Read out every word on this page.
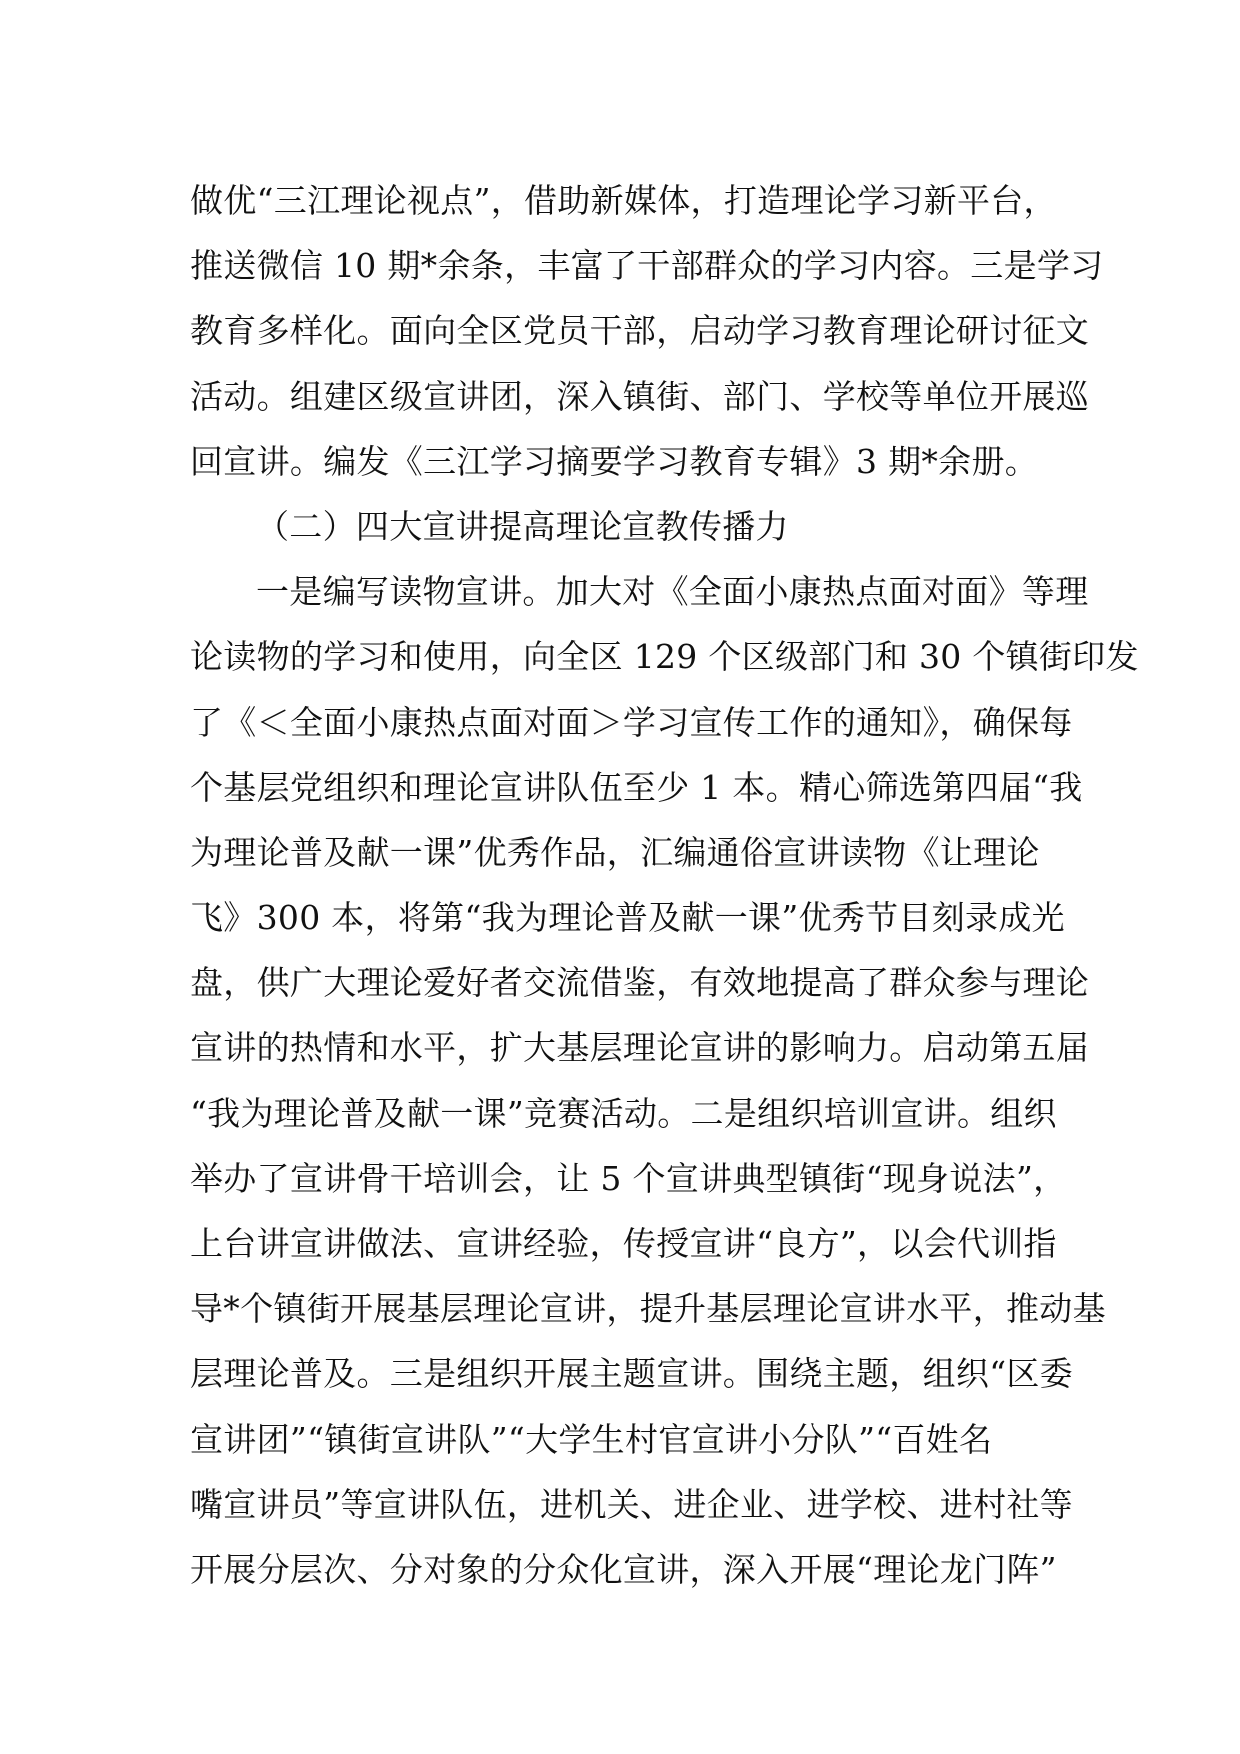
做优“三江理论视点”，借助新媒体，打造理论学习新平台，
推送微信 10 期*余条，丰富了干部群众的学习内容。三是学习
教育多样化。面向全区党员干部，启动学习教育理论研讨征文
活动。组建区级宣讲团，深入镇街、部门、学校等单位开展巡
回宣讲。编发《三江学习摘要学习教育专辑》3 期*余册。
（二）四大宣讲提高理论宣教传播力
一是编写读物宣讲。加大对《全面小康热点面对面》等理
论读物的学习和使用，向全区 129 个区级部门和 30 个镇街印发
了《＜全面小康热点面对面＞学习宣传工作的通知》，确保每
个基层党组织和理论宣讲队伍至少 1 本。精心筛选第四届“我
为理论普及献一课”优秀作品，汇编通俗宣讲读物《让理论
飞》300 本，将第“我为理论普及献一课”优秀节目刻录成光
盘，供广大理论爱好者交流借鉴，有效地提高了群众参与理论
宣讲的热情和水平，扩大基层理论宣讲的影响力。启动第五届
“我为理论普及献一课”竞赛活动。二是组织培训宣讲。组织
举办了宣讲骨干培训会，让 5 个宣讲典型镇街“现身说法”，
上台讲宣讲做法、宣讲经验，传授宣讲“良方”，以会代训指
导*个镇街开展基层理论宣讲，提升基层理论宣讲水平，推动基
层理论普及。三是组织开展主题宣讲。围绕主题，组织“区委
宣讲团”“镇街宣讲队”“大学生村官宣讲小分队”“百姓名
嘴宣讲员”等宣讲队伍，进机关、进企业、进学校、进村社等
开展分层次、分对象的分众化宣讲，深入开展“理论龙门阵”
